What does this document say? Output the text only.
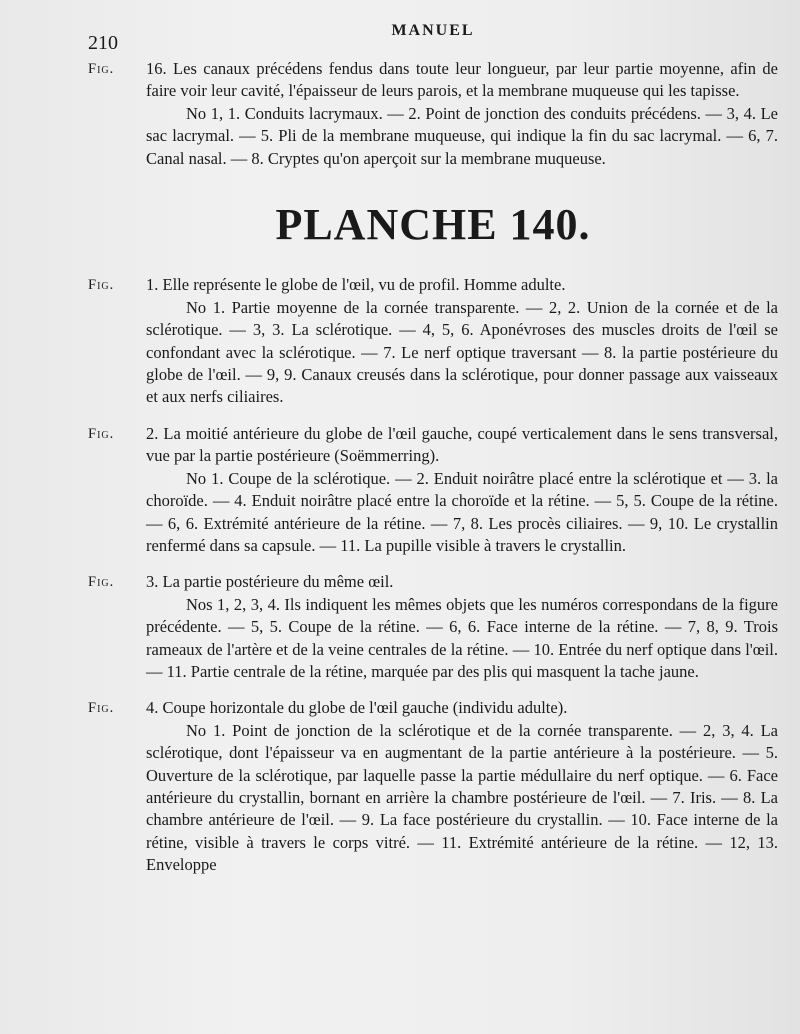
210
MANUEL
Fig.	16. Les canaux précédens fendus dans toute leur longueur, par leur partie moyenne, afin de faire voir leur cavité, l'épaisseur de leurs parois, et la membrane muqueuse qui les tapisse.
No 1, 1. Conduits lacrymaux. — 2. Point de jonction des conduits précédens. — 3, 4. Le sac lacrymal. — 5. Pli de la membrane muqueuse, qui indique la fin du sac lacrymal. — 6, 7. Canal nasal. — 8. Cryptes qu'on aperçoit sur la membrane muqueuse.
PLANCHE 140.
Fig.	1. Elle représente le globe de l'œil, vu de profil. Homme adulte.
No 1. Partie moyenne de la cornée transparente. — 2, 2. Union de la cornée et de la sclérotique. — 3, 3. La sclérotique. — 4, 5, 6. Aponévroses des muscles droits de l'œil se confondant avec la sclérotique. — 7. Le nerf optique traversant — 8. la partie postérieure du globe de l'œil. — 9, 9. Canaux creusés dans la sclérotique, pour donner passage aux vaisseaux et aux nerfs ciliaires.
Fig.	2. La moitié antérieure du globe de l'œil gauche, coupé verticalement dans le sens transversal, vue par la partie postérieure (Soëmmerring).
No 1. Coupe de la sclérotique. — 2. Enduit noirâtre placé entre la sclérotique et — 3. la choroïde. — 4. Enduit noirâtre placé entre la choroïde et la rétine. — 5, 5. Coupe de la rétine. — 6, 6. Extrémité antérieure de la rétine. — 7, 8. Les procès ciliaires. — 9, 10. Le crystallin renfermé dans sa capsule. — 11. La pupille visible à travers le crystallin.
Fig.	3. La partie postérieure du même œil.
Nos 1, 2, 3, 4. Ils indiquent les mêmes objets que les numéros correspondans de la figure précédente. — 5, 5. Coupe de la rétine. — 6, 6. Face interne de la rétine. — 7, 8, 9. Trois rameaux de l'artère et de la veine centrales de la rétine. — 10. Entrée du nerf optique dans l'œil. — 11. Partie centrale de la rétine, marquée par des plis qui masquent la tache jaune.
Fig.	4. Coupe horizontale du globe de l'œil gauche (individu adulte).
No 1. Point de jonction de la sclérotique et de la cornée transparente. — 2, 3, 4. La sclérotique, dont l'épaisseur va en augmentant de la partie antérieure à la postérieure. — 5. Ouverture de la sclérotique, par laquelle passe la partie médullaire du nerf optique. — 6. Face antérieure du crystallin, bornant en arrière la chambre postérieure de l'œil. — 7. Iris. — 8. La chambre antérieure de l'œil. — 9. La face postérieure du crystallin. — 10. Face interne de la rétine, visible à travers le corps vitré. — 11. Extrémité antérieure de la rétine. — 12, 13. Enveloppe
